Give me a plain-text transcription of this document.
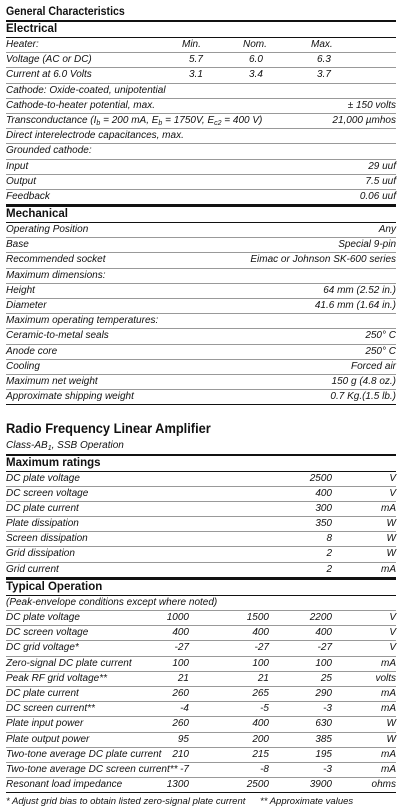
General Characteristics
Electrical
Heater:	Min.	Nom.	Max.
Voltage (AC or DC)	5.7	6.0	6.3
Current at 6.0 Volts	3.1	3.4	3.7
Cathode: Oxide-coated, unipotential
Cathode-to-heater potential, max.	± 150 volts
Transconductance ($I_b = 200$ mA, $E_b = 1750V$, $E_{c2} = 400$ V)	21,000 µmhos
Direct interelectrode capacitances, max.
Grounded cathode:
Input	29 uuf
Output	7.5 uuf
Feedback	0.06 uuf
Mechanical
Operating Position	Any
Base	Special 9-pin
Recommended socket	Eimac or Johnson SK-600 series
Maximum dimensions:
Height	64 mm (2.52 in.)
Diameter	41.6 mm (1.64 in.)
Maximum operating temperatures:
Ceramic-to-metal seals	250° C
Anode core	250° C
Cooling	Forced air
Maximum net weight	150 g (4.8 oz.)
Approximate shipping weight	0.7 Kg.(1.5 lb.)
Radio Frequency Linear Amplifier
Class-$AB_1$, SSB Operation
Maximum ratings
DC plate voltage	2500	V
DC screen voltage	400	V
DC plate current	300	mA
Plate dissipation	350	W
Screen dissipation	8	W
Grid dissipation	2	W
Grid current	2	mA
Typical Operation
(Peak-envelope conditions except where noted)
DC plate voltage	1000	1500	2200	V
DC screen voltage	400	400	400	V
DC grid voltage*	-27	-27	-27	V
Zero-signal DC plate current	100	100	100	mA
Peak RF grid voltage**	21	21	25	volts
DC plate current	260	265	290	mA
DC screen current**	-4	-5	-3	mA
Plate input power	260	400	630	W
Plate output power	95	200	385	W
Two-tone average DC plate current 210	215	195	mA
Two-tone average DC screen current** -7	-8	-3	mA
Resonant load impedance	1300	2500	3900	ohms
* Adjust grid bias to obtain listed zero-signal plate current ** Approximate values
